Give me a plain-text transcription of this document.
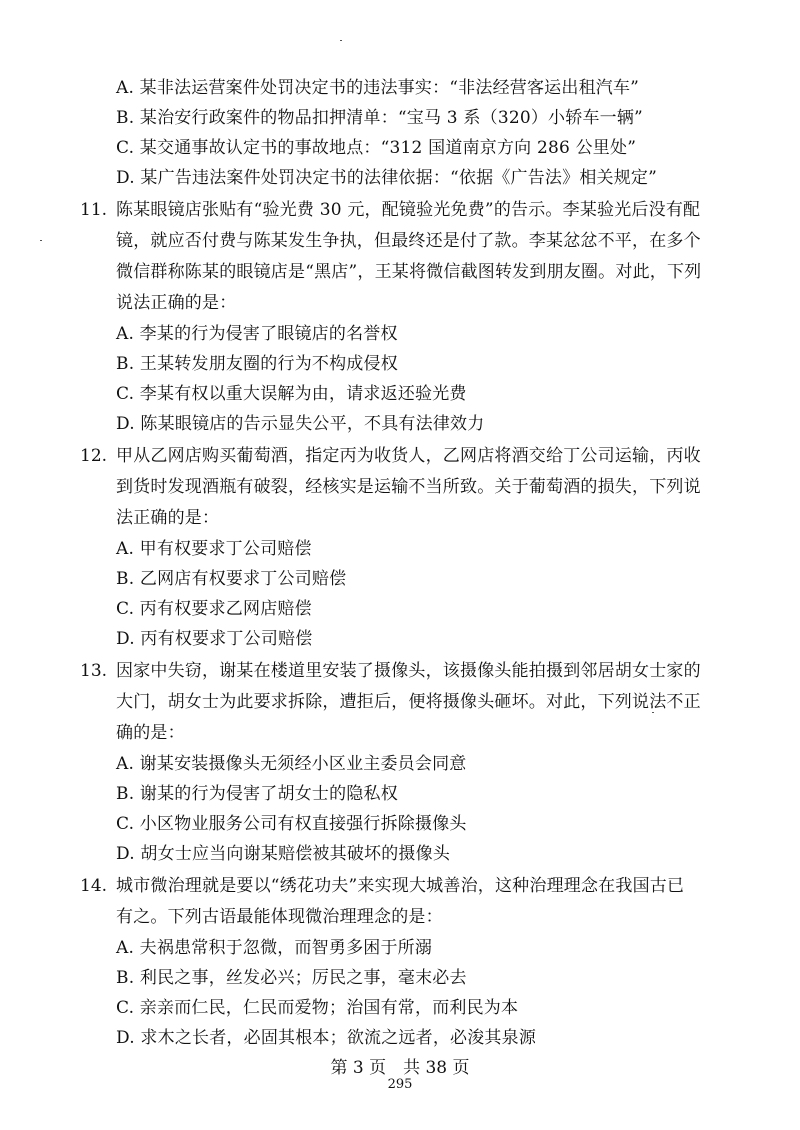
A. 某非法运营案件处罚决定书的违法事实：“非法经营客运出租汽车”
B. 某治安行政案件的物品扣押清单：“宝马 3 系（320）小轿车一辆”
C. 某交通事故认定书的事故地点：“312 国道南京方向 286 公里处”
D. 某广告违法案件处罚决定书的法律依据：“依据《广告法》相关规定”
11. 陈某眼镜店张贴有“验光费 30 元，配镜验光免费”的告示。李某验光后没有配
镜，就应否付费与陈某发生争执，但最终还是付了款。李某忿忿不平，在多个
微信群称陈某的眼镜店是“黑店”，王某将微信截图转发到朋友圈。对此，下列
说法正确的是：
A. 李某的行为侵害了眼镜店的名誉权
B. 王某转发朋友圈的行为不构成侵权
C. 李某有权以重大误解为由，请求返还验光费
D. 陈某眼镜店的告示显失公平，不具有法律效力
12. 甲从乙网店购买葡萄酒，指定丙为收货人，乙网店将酒交给丁公司运输，丙收
到货时发现酒瓶有破裂，经核实是运输不当所致。关于葡萄酒的损失，下列说
法正确的是：
A. 甲有权要求丁公司赔偿
B. 乙网店有权要求丁公司赔偿
C. 丙有权要求乙网店赔偿
D. 丙有权要求丁公司赔偿
13. 因家中失窃，谢某在楼道里安装了摄像头，该摄像头能拍摄到邻居胡女士家的
大门，胡女士为此要求拆除，遭拒后，便将摄像头砸坏。对此，下列说法不正
确的是：
A. 谢某安装摄像头无须经小区业主委员会同意
B. 谢某的行为侵害了胡女士的隐私权
C. 小区物业服务公司有权直接强行拆除摄像头
D. 胡女士应当向谢某赔偿被其破坏的摄像头
14. 城市微治理就是要以“绣花功夫”来实现大城善治，这种治理理念在我国古已
有之。下列古语最能体现微治理理念的是：
A. 夫祸患常积于忽微，而智勇多困于所溺
B. 利民之事，丝发必兴；厉民之事，毫末必去
C. 亲亲而仁民，仁民而爱物；治国有常，而利民为本
D. 求木之长者，必固其根本；欲流之远者，必浚其泉源
第 3 页　共 38 页
295
